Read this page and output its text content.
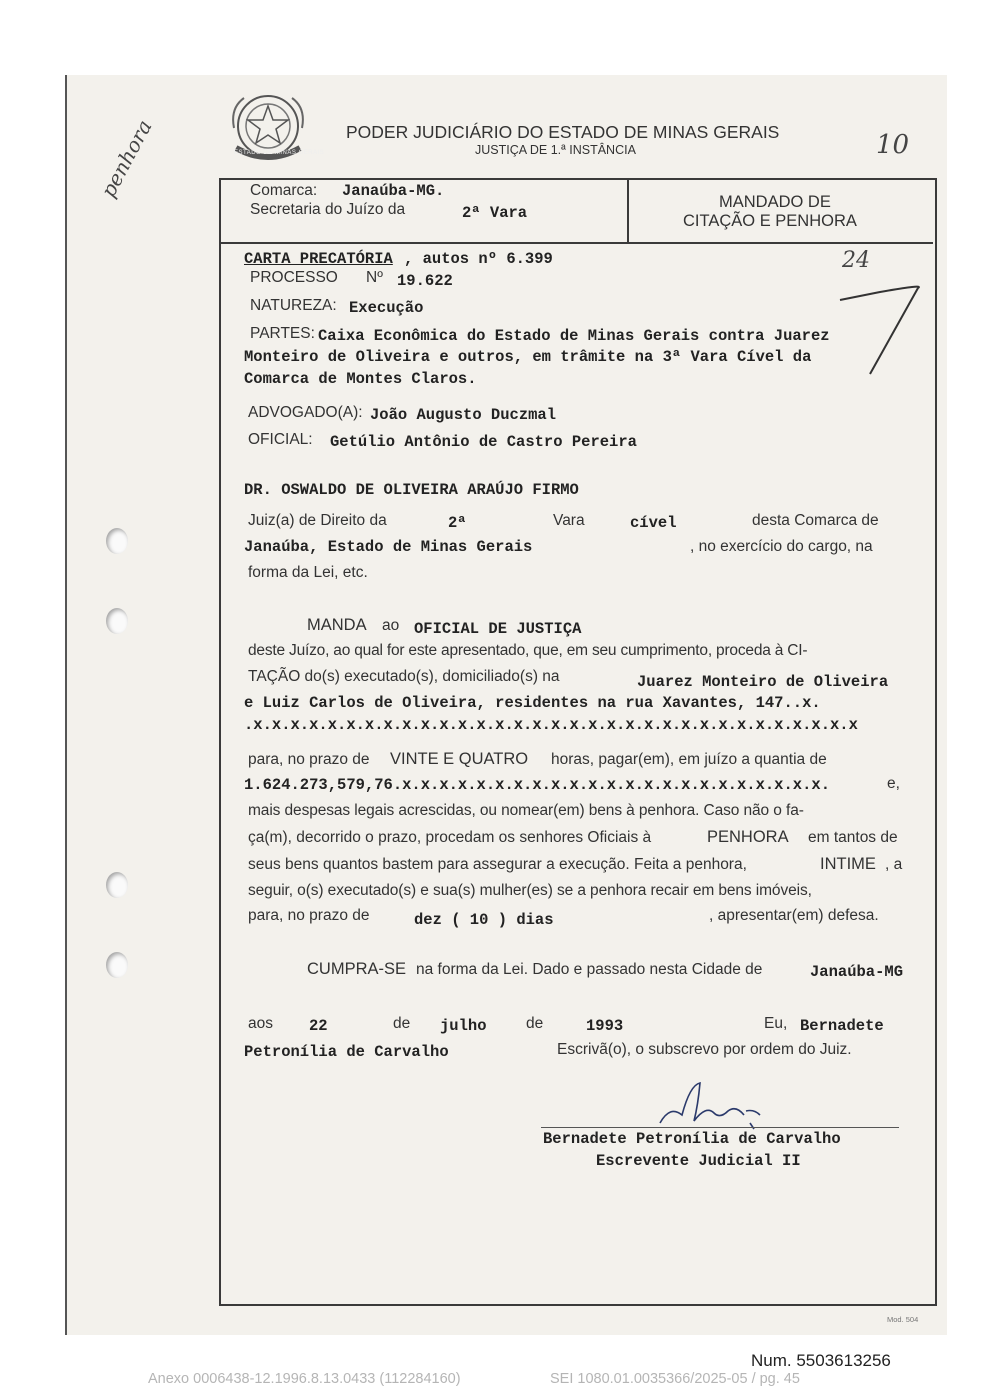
penhora	ESTADO DE MINAS GERAIS
PODER JUDICIÁRIO DO ESTADO DE MINAS GERAIS
JUSTIÇA DE 1.ª INSTÂNCIA	10
Comarca: Janaúba-MG.
Secretaria do Juízo da	2ª Vara
MANDADO DE
CITAÇÃO E PENHORA
CARTA PRECATÓRIA , autos nº 6.399
PROCESSO Nº 19.622
24
NATUREZA: Execução
PARTES: Caixa Econômica do Estado de Minas Gerais contra Juarez
Monteiro de Oliveira e outros, em trâmite na 3ª Vara Cível da
Comarca de Montes Claros.
ADVOGADO(A): João Augusto Duczmal
OFICIAL: Getúlio Antônio de Castro Pereira
DR. OSWALDO DE OLIVEIRA ARAÚJO FIRMO
Juiz(a) de Direito da	2ª	Vara	cível	desta Comarca de
Janaúba, Estado de Minas Gerais	, no exercício do cargo, na
forma da Lei, etc.
MANDA ao OFICIAL DE JUSTIÇA
deste Juízo, ao qual for este apresentado, que, em seu cumprimento, proceda à CI-
TAÇÃO do(s) executado(s), domiciliado(s) na	Juarez Monteiro de Oliveira
e Luiz Carlos de Oliveira, residentes na rua Xavantes, 147..x.
.x.x.x.x.x.x.x.x.x.x.x.x.x.x.x.x.x.x.x.x.x.x.x.x.x.x.x.x.x.x.x.x.x
para, no prazo de VINTE E QUATRO horas, pagar(em), em juízo a quantia de
1.624.273,579,76.x.x.x.x.x.x.x.x.x.x.x.x.x.x.x.x.x.x.x.x.x.x.x.	e,
mais despesas legais acrescidas, ou nomear(em) bens à penhora. Caso não o fa-
ça(m), decorrido o prazo, procedam os senhores Oficiais à	PENHORA em tantos de
seus bens quantos bastem para assegurar a execução. Feita a penhora,	INTIME , a
seguir, o(s) executado(s) e sua(s) mulher(es) se a penhora recair em bens imóveis,
para, no prazo de	dez ( 10 ) dias	, apresentar(em) defesa.
CUMPRA-SE na forma da Lei. Dado e passado nesta Cidade de	Janaúba-MG
aos 22	de julho	de	1993	Eu, Bernadete
Petronília de Carvalho	Escrivã(o), o subscrevo por ordem do Juiz.
Bernadete Petronília de Carvalho
Escrevente Judicial II
Mod. 504
Num. 5503613256
Anexo 0006438-12.1996.8.13.0433 (112284160)	SEI 1080.01.0035366/2025-05 / pg. 45
